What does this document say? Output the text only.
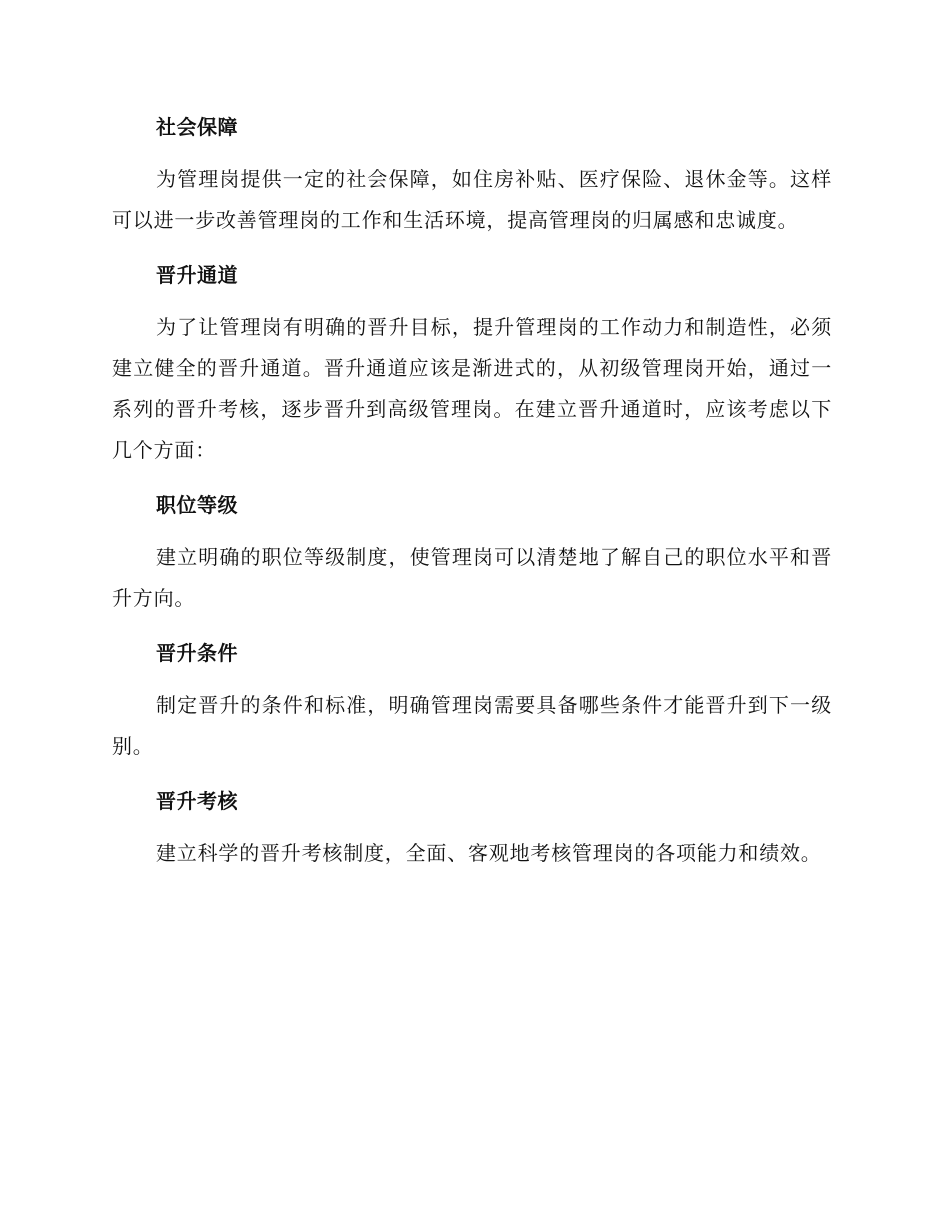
社会保障

为管理岗提供一定的社会保障，如住房补贴、医疗保险、退休金等。这样可以进一步改善管理岗的工作和生活环境，提高管理岗的归属感和忠诚度。

晋升通道

为了让管理岗有明确的晋升目标，提升管理岗的工作动力和制造性，必须建立健全的晋升通道。晋升通道应该是渐进式的，从初级管理岗开始，通过一系列的晋升考核，逐步晋升到高级管理岗。在建立晋升通道时，应该考虑以下几个方面：

职位等级

建立明确的职位等级制度，使管理岗可以清楚地了解自己的职位水平和晋升方向。

晋升条件

制定晋升的条件和标准，明确管理岗需要具备哪些条件才能晋升到下一级别。

晋升考核

建立科学的晋升考核制度，全面、客观地考核管理岗的各项能力和绩效。
